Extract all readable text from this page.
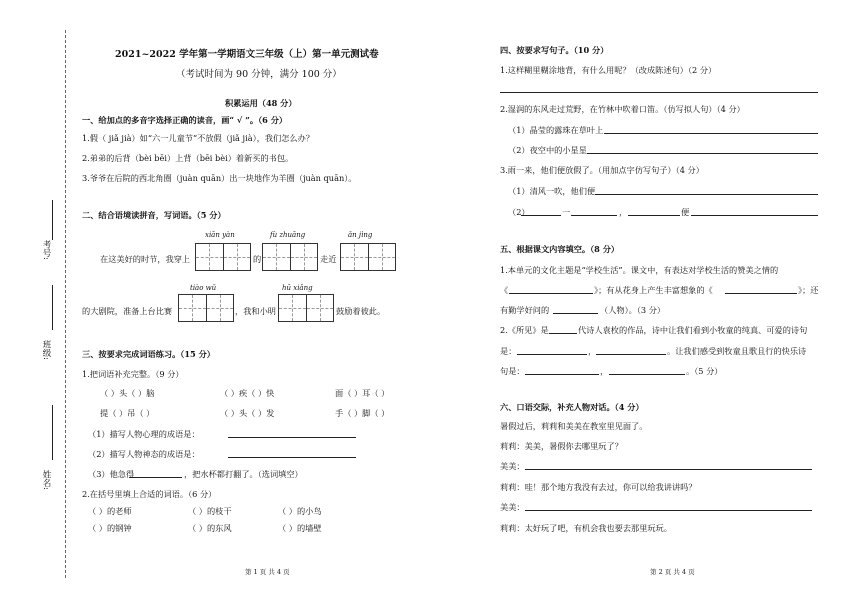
考号:
班级:
姓名:
2021~2022 学年第一学期语文三年级（上）第一单元测试卷
（考试时间为 90 分钟，满分 100 分）
积累运用（48 分）
一、给加点的多音字选择正确的读音，画“ √ ”。（6 分）
1.假（ jiǎ jià）如“六一儿童节”不放假（jiǎ jià），我们怎么办？
2.弟弟的后背（bèi bēi）上背（bēi bèi）着新买的书包。
3.爷爷在后院的西北角圈（juàn quān）出一块地作为羊圈（juàn quān）。
二、结合语境读拼音，写词语。（5 分）
xiān yàn	fù zhuāng	ǎn jìng
在这美好的时节，我穿上	的	走近
tiào wǔ	hū xiǎng
的大剧院，准备上台比赛	，我和小明	鼓励着彼此。
三、按要求完成词语练习。（15 分）
1.把词语补充完整。（9 分）
（ ）头（ ）脑	（ ）疾（ ）快	面（ ）耳（ ）
提（ ）吊（ ）	（ ）头（ ）发	手（ ）脚（ ）
（1）描写人物心理的成语是：
（2）描写人物神态的成语是：
（3）他急得	，把水杯都打翻了。（选词填空）
2.在括号里填上合适的词语。（6 分）
（ ）的老师	（ ）的枝干	（ ）的小鸟
（ ）的钢钟	（ ）的东风	（ ）的墙壁
第 1 页 共 4 页
四、按要求写句子。（10 分）
1.这样糊里糊涂地背，有什么用呢？（改成陈述句）（2 分）
2.湿润的东风走过荒野，在竹林中吹着口笛。（仿写拟人句）（4 分）
（1）晶莹的露珠在草叶上
（2）夜空中的小星星
3.雨一来，他们便放假了。（用加点字仿写句子）（4 分）
（1）清风一吹，他们便
（2）	一	，	便
五、根据课文内容填空。（8 分）
1.本单元的文化主题是“学校生活”。课文中，有表达对学校生活的赞美之情的
《	》；有从花身上产生丰富想象的《	》；还
有勤学好问的	（人物）。（3 分）
2.《所见》是	代诗人袁枚的作品，诗中让我们看到小牧童的纯真、可爱的诗句
是：	，	。让我们感受到牧童且歌且行的快乐诗
句是：	，	。（5 分）
六、口语交际，补充人物对话。（4 分）
暑假过后，莉莉和美美在教室里见面了。
莉莉：美美，暑假你去哪里玩了？
美美：
莉莉：哇！那个地方我没有去过，你可以给我讲讲吗？
美美：
莉莉：太好玩了吧，有机会我也要去那里玩玩。
第 2 页 共 4 页
